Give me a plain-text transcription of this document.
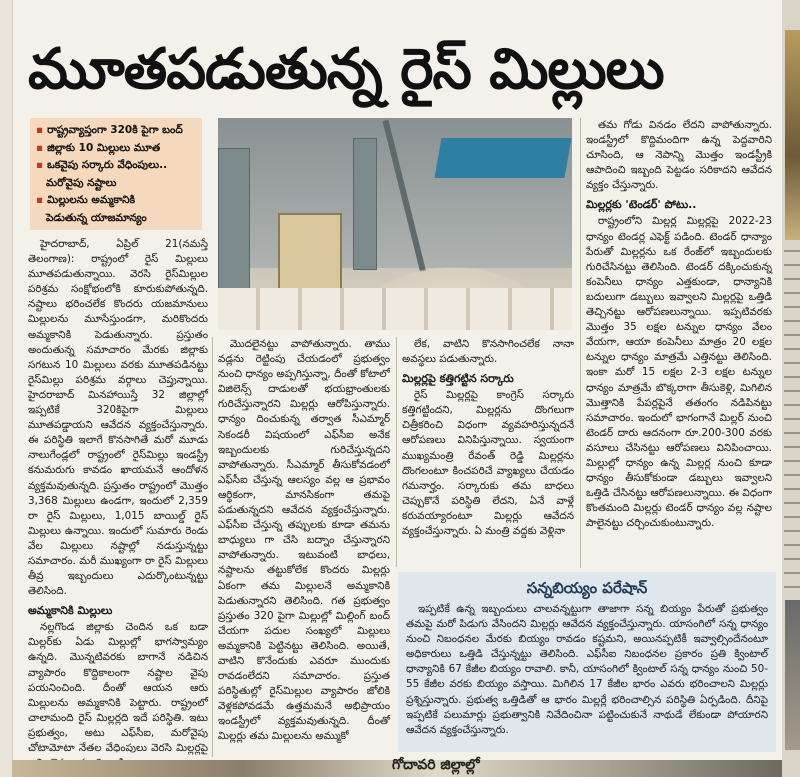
మూతపడుతున్న రైస్ మిల్లులు
▪ రాష్ట్రవ్యాప్తంగా 320కి పైగా బంద్
▪ జిల్లాకు 10 మిల్లులు మూత
▪ ఒకవైపు సర్కారు వేధింపులు..
మరోవైపు నష్టాలు
▪ మిల్లులను అమ్మకానికి
పెడుతున్న యాజమాన్యం

హైదరాబాద్, ఏప్రిల్ 21(నమస్తే తెలంగాణ): రాష్ట్రంలో రైస్ మిల్లులు మూతపడుతున్నాయి. వెరసి రైస్‌మిల్లుల పరిశ్రమ సంక్షోభంలోకి కూరుకుపోతున్నది. నష్టాలు భరించలేక కొందరు యజమానులు మిల్లులను మూసేస్తుండగా, మరికొందరు అమ్మకానికి పెడుతున్నారు. ప్రస్తుతం అందుతున్న సమాచారం మేరకు జిల్లాకు సగటున 10 మిల్లులు వరకు మూతపడినట్టు రైస్‌మిల్లు పరిశ్రమ వర్గాలు చెప్తున్నాయి. హైదరాబాద్ మినహాయిస్తే 32 జిల్లాల్లో ఇప్పటికే 320కిపైగా మిల్లులు మూతపడ్డాయని ఆవేదన వ్యక్తంచేస్తున్నారు. ఈ పరిస్థితి ఇలాగే కొనసాగితే మరో మూడు నాలుగేండ్లలో రాష్ట్రంలో రైస్‌మిల్లు ఇండస్ట్రీ కనుమరుగు కావడం ఖాయమనే ఆందోళన వ్యక్తమవుతున్నది. ప్రస్తుతం రాష్ట్రంలో మొత్తం 3,368 మిల్లులు ఉండగా, ఇందులో 2,359 రా రైస్ మిల్లులు, 1,015 బాయిల్డ్ రైస్ మిల్లులు ఉన్నాయి. ఇందులో సుమారు రెండు వేల మిల్లులు నష్టాల్లో నడుస్తున్నట్టు సమాచారం. మరీ ముఖ్యంగా రా రైస్ మిల్లులు తీవ్ర ఇబ్బందులు ఎదుర్కొంటున్నట్టు తెలిసింది.

అమ్మకానికి మిల్లులు

నల్లగొండ జిల్లాకు చెందిన ఒక బడా మిల్లర్‌కు ఏడు మిల్లుల్లో భాగస్వామ్యం ఉన్నది. మొన్నటివరకు బాగానే నడిచిన వ్యాపారం కొద్దికాలంగా నష్టాల వైపు పయనించింది. దీంతో ఆయన ఆరు మిల్లులను అమ్మకానికి పెట్టారు. రాష్ట్రంలో చాలామంది రైస్ మిల్లర్లది ఇదే పరిస్థితి. ఇటు ప్రభుత్వం, అటు ఎఫ్‌సీఐ, మరోవైపు చోటామోటా నేతల వేధింపులు వెరసి మిల్లర్లపై

మొదలైనట్టు వాపోతున్నారు. తాము వడ్లను రెట్టింపు చేయడంలో ప్రభుత్వం నుంచి ధాన్యం అప్పగిస్తున్నా, దీంతో కోటాలో విజిలెన్స్ దాడులతో భయభ్రాంతులకు గురిచేస్తున్నారని మిల్లర్లు ఆరోపిస్తున్నారు. ధాన్యం దించుకున్న తర్వాత సీఎమ్మార్ సెకండరీ విషయంలో ఎఫ్‌సీఐ అనేక ఇబ్బందులకు గురిచేస్తున్నదని వాపోతున్నారు. సీఎమ్మార్ తీసుకోవడంలో ఎఫ్‌సీఐ చేస్తున్న ఆలస్యం వల్ల ఆ ప్రభావం ఆర్థికంగా, మానసికంగా తమపై పడుతున్నదని ఆవేదన వ్యక్తంచేస్తున్నారు. ఎఫ్‌సీఐ చేస్తున్న తప్పులకు కూడా తమను బాధ్యులు గా చేసి బద్నాం చేస్తున్నారని వాపోతున్నారు. ఇటువంటి బాధలు, నష్టాలను తట్టుకోలేక కొందరు మిల్లర్లు ఏకంగా తమ మిల్లులనే అమ్మకానికి పెడుతున్నారని తెలిసింది. గత ప్రభుత్వం ప్రస్తుతం 320 పైగా మిల్లుల్లో మిల్లింగ్ బంద్ చేయగా పదుల సంఖ్యలో మిల్లులు అమ్మకానికి పెట్టినట్టు తెలిసింది. అయితే, వాటిని కొనేందుకు ఎవరూ ముందుకు రావడంలేదని సమాచారం. ప్రస్తుత పరిస్థితుల్లో రైస్‌మిల్లుల వ్యాపారం జోలికి వెళ్లకపోవడమే ఉత్తమమనే అభిప్రాయం ఇండస్ట్రీలో వ్యక్తమవుతున్నది. దీంతో మిల్లర్లు తమ మిల్లులను అమ్ముకో

లేక, వాటిని కొనసాగించలేక నానా అవస్థలు పడుతున్నారు.

మిల్లర్లపై కత్తిగట్టిన సర్కారు

రైస్ మిల్లర్లపై కాంగ్రెస్ సర్కారు కత్తిగట్టిందని, మిల్లర్లను దొంగలుగా చిత్రీకరించి విధంగా వ్యవహరిస్తున్నదనే ఆరోపణలు వినిపిస్తున్నాయి. స్వయంగా ముఖ్యమంత్రి రేవంత్ రెడ్డి మిల్లర్లను దొంగలంటూ కించపరిచే వ్యాఖ్యలు చేయడం గమనార్హం. సర్కారుకు తమ బాధలు చెప్పుకొనే పరిస్థితి లేదని, ఏనే వాళ్లే కరువయ్యారంటూ మిల్లర్లు ఆవేదన వ్యక్తంచేస్తున్నారు. ఏ మంత్రి వద్దకు వెళ్లినా

తమ గోడు వినడం లేదని వాపోతున్నారు. ఇండస్ట్రీలో కొద్దిమందిగా ఉన్న పెద్దవారిని చూసింది, ఆ నెపాన్ని మొత్తం ఇండస్ట్రీకి ఆపాదించి ఇబ్బంది పెట్టడం సరికాదని ఆవేదన వ్యక్తం చేస్తున్నారు.

మిల్లర్లకు 'టెండర్' పోటు..

రాష్ట్రంలోని మిల్లర్ల మిల్లర్లపై 2022-23 ధాన్యం టెండర్ల ఎఫెక్ట్ పడింది. టెండర్ ధాన్యాం పేరుతో మిల్లర్లను ఒక రేంజ్‌లో ఇబ్బందులకు గురిచేసినట్టు తెలిసింది. టెండర్ దక్కించుకున్న కంపెనీలు ధాన్యం ఎత్తకుండా, ధాన్యానికి బదులుగా డబ్బులు ఇవ్వాలని మిల్లర్లపై ఒత్తిడి తెచ్చినట్టు ఆరోపణలున్నాయి. ఇప్పటివరకు మొత్తం 35 లక్షల టన్నుల ధాన్యం వేలం వేయగా, ఆయా కంపెనీలు మాత్రం 20 లక్షల టన్నుల ధాన్యం మాత్రమే ఎత్తినట్టు తెలిసింది. ఇంకా మరో 15 లక్షల 2-3 లక్షల టన్నుల ధాన్యం మాత్రమే బొక్కరాగా తీసుకెళ్లి, మిగిలిన మొత్తానికి పేపర్లపైనే తతంగం నడిపినట్టు సమాచారం. ఇందులో భాగంగానే మిల్లర్ నుంచి టెండర్ దారు ఆదనంగా రూ.200-300 వరకు వసూలు చేసినట్టు ఆరోపణలు వినిపించాయి. మిల్లుల్లో ధాన్యం ఉన్న మిల్లర్ల నుంచి కూడా ధాన్యం తీసుకోకుండా డబ్బులు ఇవ్వాలని ఒత్తిడి చేసినట్టు ఆరోపణలున్నాయి. ఈ విధంగా కొంతమంది మిల్లర్లు టెండర్ ధాన్యం వల్ల నష్టాల పాలైనట్టు చర్చించుకుంటున్నారు.

సన్నబియ్యం పరేషాన్

ఇప్పటికే ఉన్న ఇబ్బందులు చాలవన్నట్టుగా తాజాగా సన్న బియ్యం పేరుతో ప్రభుత్వం తమపై మరో పిడుగు వేసిందని మిల్లర్లు ఆవేదన వ్యక్తంచేస్తున్నారు. యాసంగిలో సన్న ధాన్యం నుంచి నిబంధనల మేరకు బియ్యం రావడం కష్టమని, అయినప్పటికీ ఇవ్వాల్సిందేనంటూ అధికారులు ఒత్తిడి చేస్తున్నట్టు తెలిసింది. ఎఫ్‌సీఐ నిబంధనల ప్రకారం ప్రతి క్వింటాల్ ధాన్యానికి 67 కేజీల బియ్యం రావాలి. కానీ, యాసంగిలో క్వింటాల్ సన్న ధాన్యం నుంచి 50-55 కేజీల వరకు బియ్యం వస్తాయి. మిగిలిన 17 కేజీల భారం ఎవరు భరించాలని మిల్లర్లు ప్రశ్నిస్తున్నారు. ప్రభుత్వ ఒత్తిడితో ఆ భారం మిల్లర్లే భరించాల్సిన పరిస్థితి ఏర్పడింది. దీనిపై ఇప్పటికే పలుమార్లు ప్రభుత్వానికి నివేదించినా పట్టించుకునే నాథుడే లేకుండా పోయారని ఆవేదన వ్యక్తంచేస్తున్నారు.

గోదావరి జిల్లాల్లో
